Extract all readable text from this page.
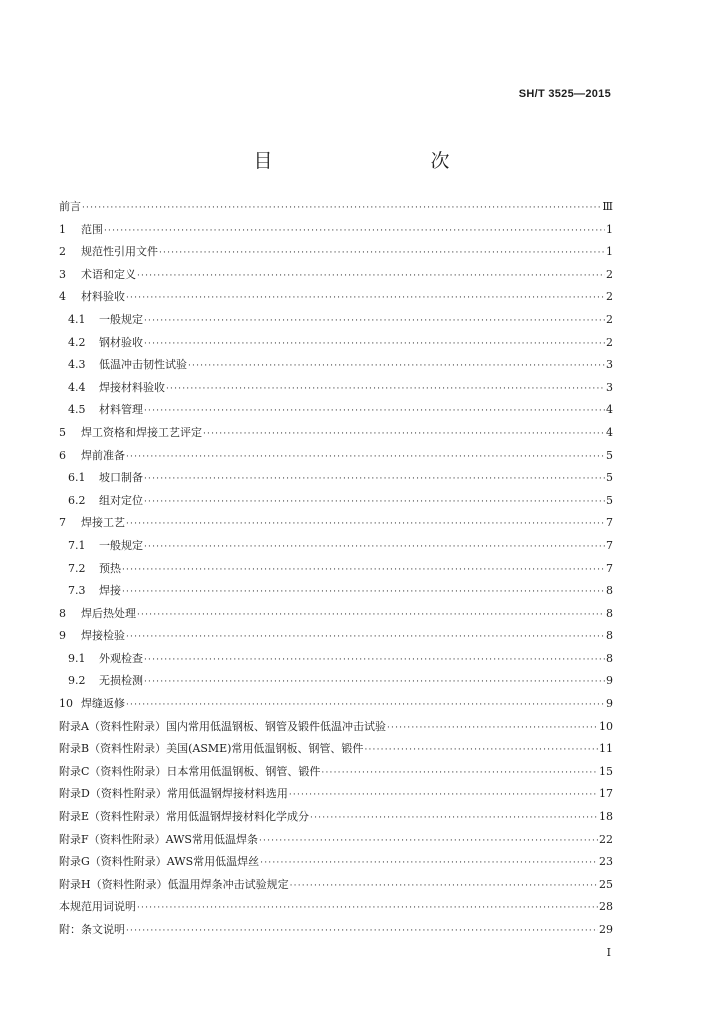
SH/T 3525—2015
目　　次
前言 ·····	Ⅲ
1	范围 ·····	1
2	规范性引用文件 ·····	1
3	术语和定义 ·····	2
4	材料验收 ·····	2
4.1	一般规定 ·····	2
4.2	钢材验收 ·····	2
4.3	低温冲击韧性试验 ·····	3
4.4	焊接材料验收 ·····	3
4.5	材料管理 ·····	4
5	焊工资格和焊接工艺评定 ·····	4
6	焊前准备 ·····	5
6.1	坡口制备 ·····	5
6.2	组对定位 ·····	5
7	焊接工艺 ·····	7
7.1	一般规定 ·····	7
7.2	预热 ·····	7
7.3	焊接 ·····	8
8	焊后热处理 ·····	8
9	焊接检验 ·····	8
9.1	外观检查 ·····	8
9.2	无损检测 ·····	9
10 焊缝返修 ·····	9
附录A（资料性附录）国内常用低温钢板、钢管及锻件低温冲击试验 ·····	10
附录B（资料性附录）美国(ASME)常用低温钢板、钢管、锻件 ·····	11
附录C（资料性附录）日本常用低温钢板、钢管、锻件 ·····	15
附录D（资料性附录）常用低温钢焊接材料选用 ·····	17
附录E（资料性附录）常用低温钢焊接材料化学成分 ·····	18
附录F（资料性附录）AWS常用低温焊条 ·····	22
附录G（资料性附录）AWS常用低温焊丝 ·····	23
附录H（资料性附录）低温用焊条冲击试验规定 ·····	25
本规范用词说明 ·····	28
附：条文说明 ·····	29
I
